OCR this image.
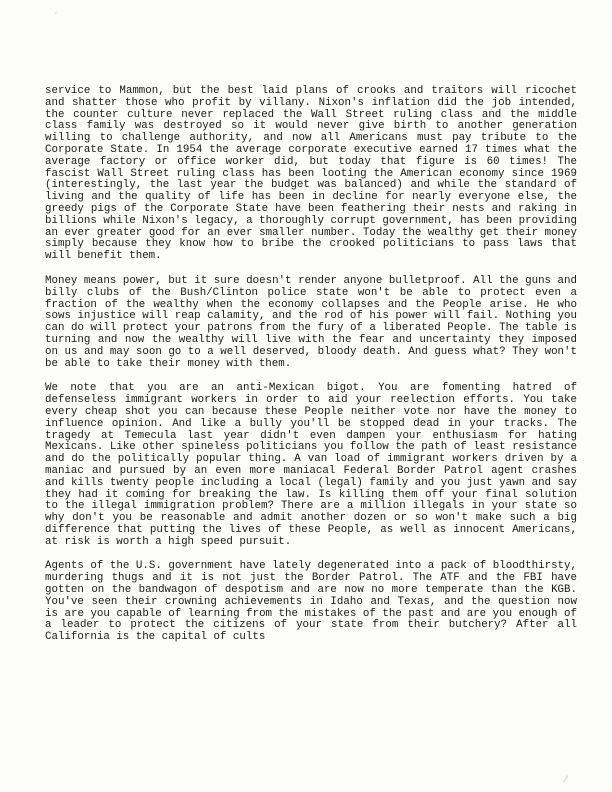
′

service to Mammon, but the best laid plans of crooks and traitors will ricochet and shatter those who profit by villany. Nixon's inflation did the job intended, the counter culture never replaced the Wall Street ruling class and the middle class family was destroyed so it would never give birth to another generation willing to challenge authority, and now all Americans must pay tribute to the Corporate State. In 1954 the average corporate executive earned 17 times what the average factory or office worker did, but today that figure is 60 times! The fascist Wall Street ruling class has been looting the American economy since 1969 (interestingly, the last year the budget was balanced) and while the standard of living and the quality of life has been in decline for nearly everyone else, the greedy pigs of the Corporate State have been feathering their nests and raking in billions while Nixon's legacy, a thoroughly corrupt government, has been providing an ever greater good for an ever smaller number. Today the wealthy get their money simply because they know how to bribe the crooked politicians to pass laws that will benefit them.

Money means power, but it sure doesn't render anyone bulletproof. All the guns and billy clubs of the Bush/Clinton police state won't be able to protect even a fraction of the wealthy when the economy collapses and the People arise. He who sows injustice will reap calamity, and the rod of his power will fail. Nothing you can do will protect your patrons from the fury of a liberated People. The table is turning and now the wealthy will live with the fear and uncertainty they imposed on us and may soon go to a well deserved, bloody death. And guess what? They won't be able to take their money with them.

We note that you are an anti-Mexican bigot. You are fomenting hatred of defenseless immigrant workers in order to aid your reelection efforts. You take every cheap shot you can because these People neither vote nor have the money to influence opinion. And like a bully you'll be stopped dead in your tracks. The tragedy at Temecula last year didn't even dampen your enthusiasm for hating Mexicans. Like other spineless politicians you follow the path of least resistance and do the politically popular thing. A van load of immigrant workers driven by a maniac and pursued by an even more maniacal Federal Border Patrol agent crashes and kills twenty people including a local (legal) family and you just yawn and say they had it coming for breaking the law. Is killing them off your final solution to the illegal immigration problem? There are a million illegals in your state so why don't you be reasonable and admit another dozen or so won't make such a big difference that putting the lives of these People, as well as innocent Americans, at risk is worth a high speed pursuit.

Agents of the U.S. government have lately degenerated into a pack of bloodthirsty, murdering thugs and it is not just the Border Patrol. The ATF and the FBI have gotten on the bandwagon of despotism and are now no more temperate than the KGB. You've seen their crowning achievements in Idaho and Texas, and the question now is are you capable of learning from the mistakes of the past and are you enough of a leader to protect the citizens of your state from their butchery? After all California is the capital of cults

⁄
